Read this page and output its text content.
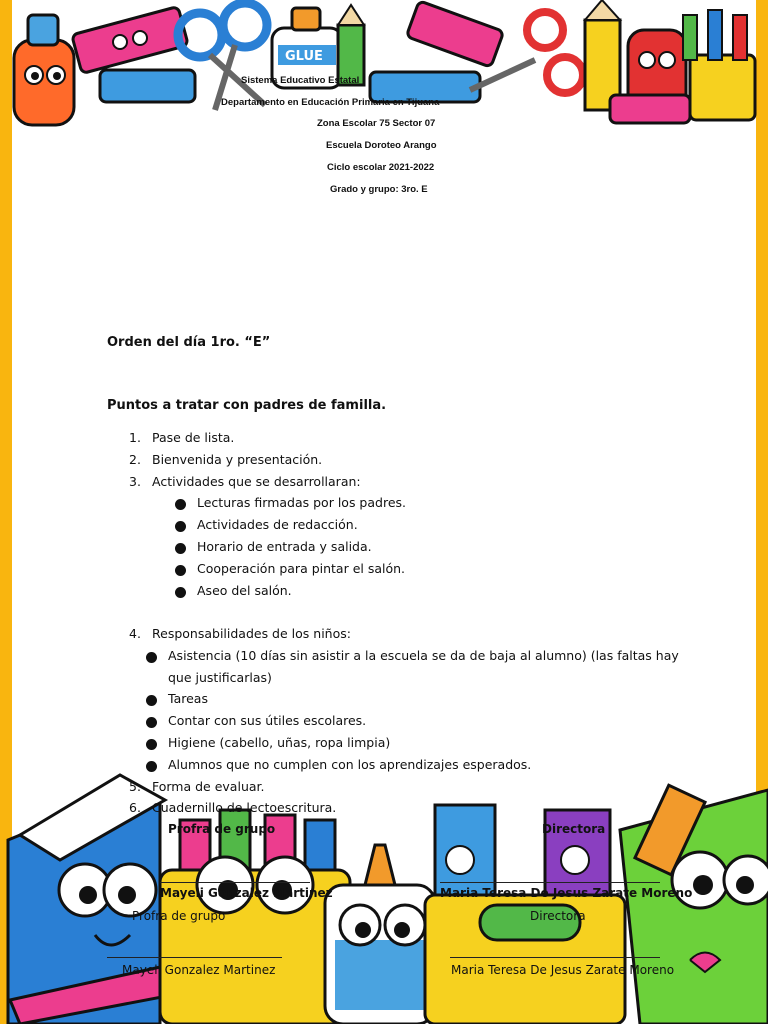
GLUE
Sistema Educativo Estatal
Departamento en Educación Primaria en Tijuana
Zona Escolar 75 Sector 07
Escuela Doroteo Arango
Ciclo escolar 2021-2022
Grado y grupo: 3ro. E
Orden del día 1ro. “E”
Puntos a tratar con padres de familla.
1. Pase de lista.
2. Bienvenida y presentación.
3. Actividades que se desarrollaran:
Lecturas firmadas por los padres.
Actividades de redacción.
Horario de entrada y salida.
Cooperación para pintar el salón.
Aseo del salón.
4. Responsabilidades de los niños:
Asistencia (10 días sin asistir a la escuela se da de baja al alumno) (las faltas hay
que justificarlas)
Tareas
Contar con sus útiles escolares.
Higiene (cabello, uñas, ropa limpia)
Alumnos que no cumplen con los aprendizajes esperados.
5. Forma de evaluar.
6. Cuadernillo de lectoescritura.
Profra de grupo	Directora
Mayeli Gonzalez Martinez	Maria Teresa De Jesus Zarate Moreno
Profra de grupo	Directora
Mayeli Gonzalez Martinez	Maria Teresa De Jesus Zarate Moreno
